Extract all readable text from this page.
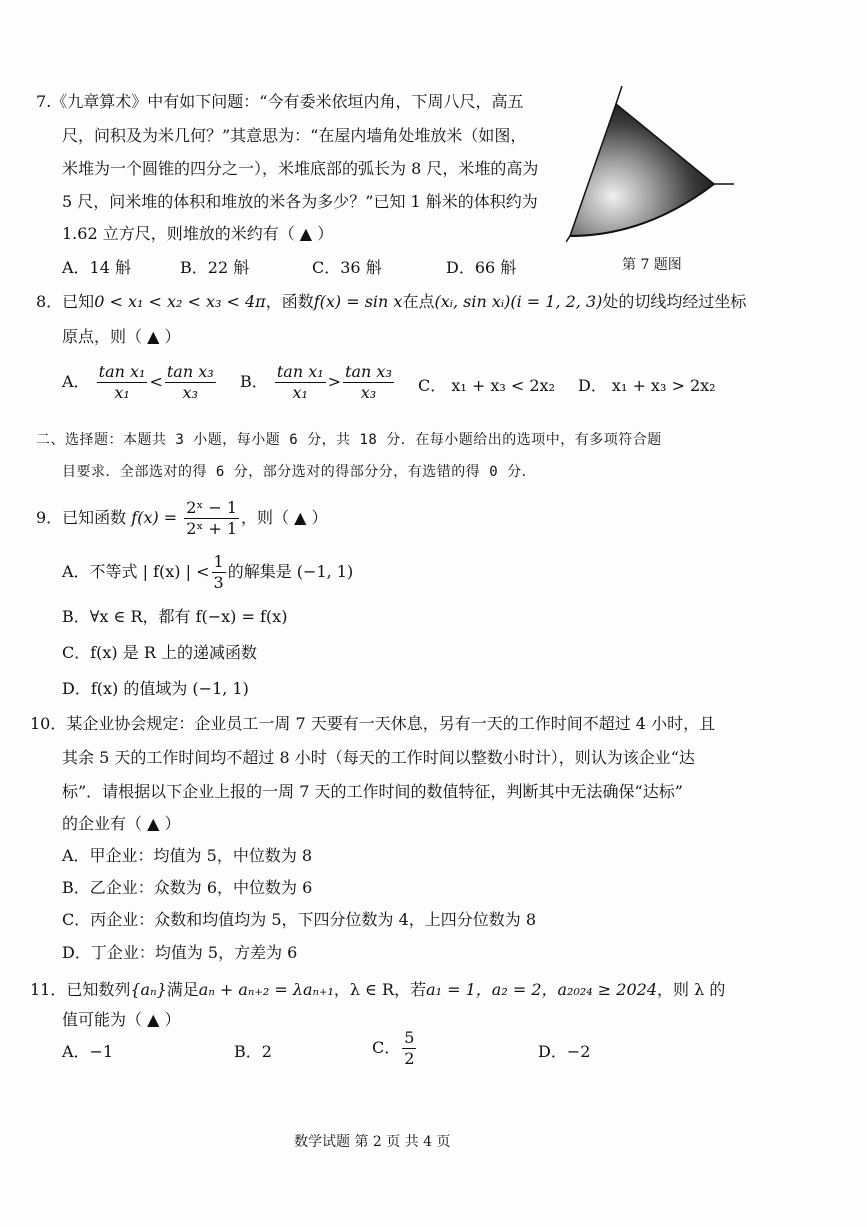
7.《九章算术》中有如下问题：“今有委米依垣内角，下周八尺，高五
尺，问积及为米几何？”其意思为：“在屋内墙角处堆放米（如图，
米堆为一个圆锥的四分之一），米堆底部的弧长为 8 尺，米堆的高为
5 尺，问米堆的体积和堆放的米各为多少？”已知 1 斛米的体积约为
1.62 立方尺，则堆放的米约有（ ▲ ）
A．14 斛	B．22 斛	C．36 斛	D．66 斛	第 7 题图
8．已知0 < x₁ < x₂ < x₃ < 4π，函数f(x) = sin x在点(xᵢ, sin xᵢ)(i = 1, 2, 3)处的切线均经过坐标
原点，则（ ▲ ）
A． $\frac{\text{tan x₁}}{\text{x₁}} < \frac{\text{tan x₃}}{\text{x₃}}$ B． $\frac{\text{tan x₁}}{\text{x₁}} > \frac{\text{tan x₃}}{\text{x₃}}$ C． x₁ + x₃ < 2x₂ D． x₁ + x₃ > 2x₂
二、选择题：本题共 3 小题，每小题 6 分，共 18 分．在每小题给出的选项中，有多项符合题
目要求．全部选对的得 6 分，部分选对的得部分分，有选错的得 0 分．
9．已知函数 $f(x) = \frac{\text{2ˣ − 1}}{\text{2ˣ + 1}}$ ，则（ ▲ ）
A．不等式 | f(x) | < $\frac{1}{3}$ 的解集是 (−1, 1)
B．∀x ∈ R，都有 f(−x) = f(x)
C．f(x) 是 R 上的递减函数
D．f(x) 的值域为 (−1, 1)
10．某企业协会规定：企业员工一周 7 天要有一天休息，另有一天的工作时间不超过 4 小时，且
其余 5 天的工作时间均不超过 8 小时（每天的工作时间以整数小时计），则认为该企业“达
标”．请根据以下企业上报的一周 7 天的工作时间的数值特征，判断其中无法确保“达标”
的企业有（ ▲ ）
A．甲企业：均值为 5，中位数为 8
B．乙企业：众数为 6，中位数为 6
C．丙企业：众数和均值均为 5，下四分位数为 4，上四分位数为 8
D．丁企业：均值为 5，方差为 6
11．已知数列{aₙ}满足aₙ + aₙ₊₂ = λaₙ₊₁，λ ∈ R，若a₁ = 1，a₂ = 2，a₂₀₂₄ ≥ 2024，则 λ 的
值可能为（ ▲ ）
A．−1	B．2	C． $\frac{5}{2}$	D．−2
数学试题 第 2 页 共 4 页
